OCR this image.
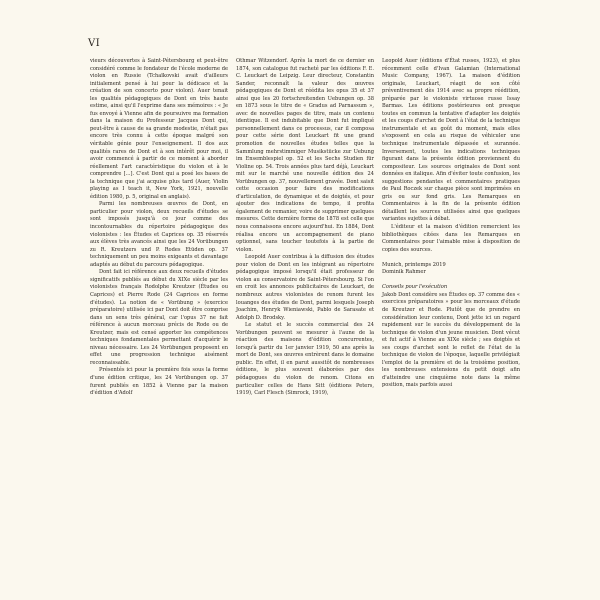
VI

vieurs découvertes à Saint-Pétersbourg et peut-être considéré comme le fondateur de l'école moderne de violon en Russie (Tchaïkovski avait d'ailleurs initialement pensé à lui pour la dédicace et la création de son concerto pour violon). Auer tenait les qualités pédagogiques de Dont en très haute estime, ainsi qu'il l'exprime dans ses mémoires : « Je fus envoyé à Vienne afin de poursuivre ma formation dans la maison du Professeur Jacques Dont qui, peut-être à cause de sa grande modestie, n'était pas encore très connu à cette époque malgré son véritable génie pour l'enseignement. Il dos aux qualités rares de Dont et à son intérêt pour moi, il avoir commencé à partir de ce moment à aborder réellement l'art caractéristique du violon et à le comprendre [...]. C'est Dont qui a posé les bases de la technique que j'ai acquise plus tard (Auer, Violin playing as I teach it, New York, 1921, nouvelle édition 1980, p. 5, original en anglais).

Parmi les nombreuses œuvres de Dont, en particulier pour violon, deux recueils d'études se sont imposés jusqu'à ce jour comme des incontournables du répertoire pédagogique des violonistes : les Études et Caprices op. 35 réservés aux élèves très avancés ainsi que les 24 Vorübungen zu R. Kreutzers und P. Rodes Etüden op. 37 techniquement un peu moins exigeants et davantage adaptés au début du parcours pédagogique.

Dont fait ici référence aux deux recueils d'études significatifs publiés au début du XIXe siècle par les violonistes français Rodolphe Kreutzer (Études ou Caprices) et Pierre Rode (24 Caprices en forme d'études). La notion de « Vorübung » (exercice préparatoire) utilisée ici par Dont doit être comprise dans un sens très général, car l'opus 37 ne fait référence à aucun morceau précis de Rode ou de Kreutzer, mais est censé apporter les compétences techniques fondamentales permettant d'acquérir le niveau nécessaire. Les 24 Vorübungen proposent en effet une progression technique aisément reconnaissable.

Présentés ici pour la première fois sous la forme d'une édition critique, les 24 Vorübungen op. 37 furent publiés en 1852 à Vienne par la maison d'édition d'Adolf

Othmar Witzendorf. Après la mort de ce dernier en 1874, son catalogue fut racheté par les éditions F. E. C. Leuckart de Leipzig. Leur directeur, Constantin Sander, reconnaît la valeur des œuvres pédagogiques de Dont et réédita les opus 35 et 37 ainsi que les 20 fortschreitenden Uebungen op. 38 en 1873 sous le titre de « Gradus ad Parnassum », avec de nouvelles pages de titre, mais un contenu identique. Il est indubitable que Dont fut impliqué personnellement dans ce processus, car il composa pour cette série dont Leuckart fit une grand promotion de nouvelles études telles que la Sammlung mehrstimmiger Musikstücke zur Uebung im Ensemblespiel op. 52 et les Sechs Studien für Violine op. 54. Trois années plus tard déjà, Leuckart mit sur le marché une nouvelle édition des 24 Vorübungen op. 37, nouvellement gravée. Dont saisit cette occasion pour faire des modifications d'articulation, de dynamique et de doigtés, et pour ajouter des indications de tempo, il profita également de remanier, voire de supprimer quelques mesures. Cette dernière forme de 1878 est celle que nous connaissons encore aujourd'hui. En 1884, Dont réalisa encore un accompagnement de piano optionnel, sans toucher toutefois à la partie de violon.

Leopold Auer contribua à la diffusion des études pour violon de Dont en les intégrant au répertoire pédagogique imposé lorsqu'il était professeur de violon au conservatoire de Saint-Pétersbourg. Si l'on en croit les annonces publicitaires de Leuckart, de nombreux autres violonistes de renom furent les louanges des études de Dont, parmi lesquels Joseph Joachim, Henryk Wieniawski, Pablo de Sarasate et Adolph D. Brodsky.

Le statut et le succès commercial des 24 Vorübungen peuvent se mesurer à l'aune de la réaction des maisons d'édition concurrentes, lorsqu'à partir du 1er janvier 1919, 50 ans après la mort de Dont, ses œuvres entrèrent dans le domaine public. En effet, il en parut aussitôt de nombreuses éditions, le plus souvent élaborées par des pédagogues du violon de renom. Citons en particulier celles de Hans Sitt (éditions Peters, 1919), Carl Flesch (Simrock, 1919),

Leopold Auer (éditions d'État russes, 1923), et plus récemment celle d'Ivan Galamian (International Music Company, 1967). La maison d'édition originale, Leuckart, réagit de son côté préventivement dès 1914 avec sa propre réédition, préparée par le violoniste virtuose russe Issay Barmas. Les éditions postérieures ont presque toutes en commun la tentative d'adapter les doigtés et les coups d'archet de Dont à l'état de la technique instrumentale et au goût du moment, mais elles s'exposent en cela au risque de véhiculer une technique instrumentale dépassée et surannée. Inversement, toutes les indications techniques figurant dans la présente édition proviennent du compositeur. Les sources originales de Dont sont données en italique. Afin d'éviter toute confusion, les suggestions pendantes et commentaires pratiques de Paul Roczek sur chaque pièce sont imprimées en gris ou sur fond gris. Les Remarques en Commentaires à la fin de la présente édition détaillent les sources utilisées ainsi que quelques variantes sujettes à débat.

L'éditeur et la maison d'édition remercient les bibliothèques citées dans les Remarques en Commentaires pour l'aimable mise à disposition de copies des sources.

Munich, printemps 2019

Dominik Rahmer

Conseils pour l'exécution

Jakob Dont considère ses Études op. 37 comme des « exercices préparatoires » pour les morceaux d'étude de Kreutzer et Rode. Plutôt que de prendre en considération leur contenu, Dont jette ici un regard rapidement sur le succès du développement de la technique de violon d'un jeune musicien. Dont vécut et fut actif à Vienne au XIXe siècle ; ses doigtés et ses coups d'archet sont le reflet de l'état de la technique de violon de l'époque, laquelle privilégiait l'emploi de la première et de la troisième position, les nombreuses extensions du petit doigt afin d'atteindre une cinquième note dans la même position, mais parfois aussi
